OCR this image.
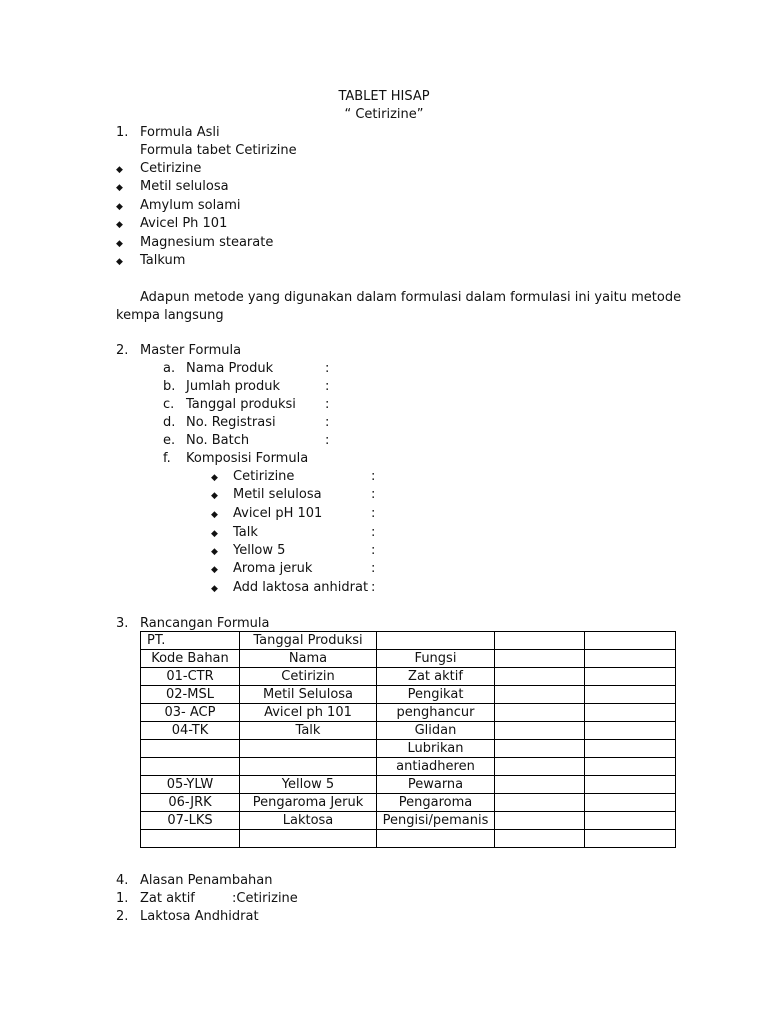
TABLET HISAP
“ Cetirizine”
1. Formula Asli
Formula tabet Cetirizine
◆ Cetirizine
◆ Metil selulosa
◆ Amylum solami
◆ Avicel Ph 101
◆ Magnesium stearate
◆ Talkum
Adapun metode yang digunakan dalam formulasi dalam formulasi ini yaitu metode
kempa langsung
2. Master Formula
a. Nama Produk	:
b. Jumlah produk	:
c. Tanggal produksi :
d. No. Registrasi	:
e. No. Batch	:
f. Komposisi Formula
◆ Cetirizine	:
◆ Metil selulosa	:
◆ Avicel pH 101	:
◆ Talk	:
◆ Yellow 5	:
◆ Aroma jeruk	:
◆ Add laktosa anhidrat :
3. Rancangan Formula
PT.	Tanggal Produksi			
Kode Bahan	Nama	Fungsi		
01-CTR	Cetirizin	Zat aktif		
02-MSL	Metil Selulosa	Pengikat		
03- ACP	Avicel ph 101	penghancur		
04-TK	Talk	Glidan		
		Lubrikan		
		antiadheren		
05-YLW	Yellow 5	Pewarna		
06-JRK	Pengaroma Jeruk	Pengaroma		
07-LKS	Laktosa	Pengisi/pemanis		

4. Alasan Penambahan
1. Zat aktif	:Cetirizine
2. Laktosa Andhidrat
